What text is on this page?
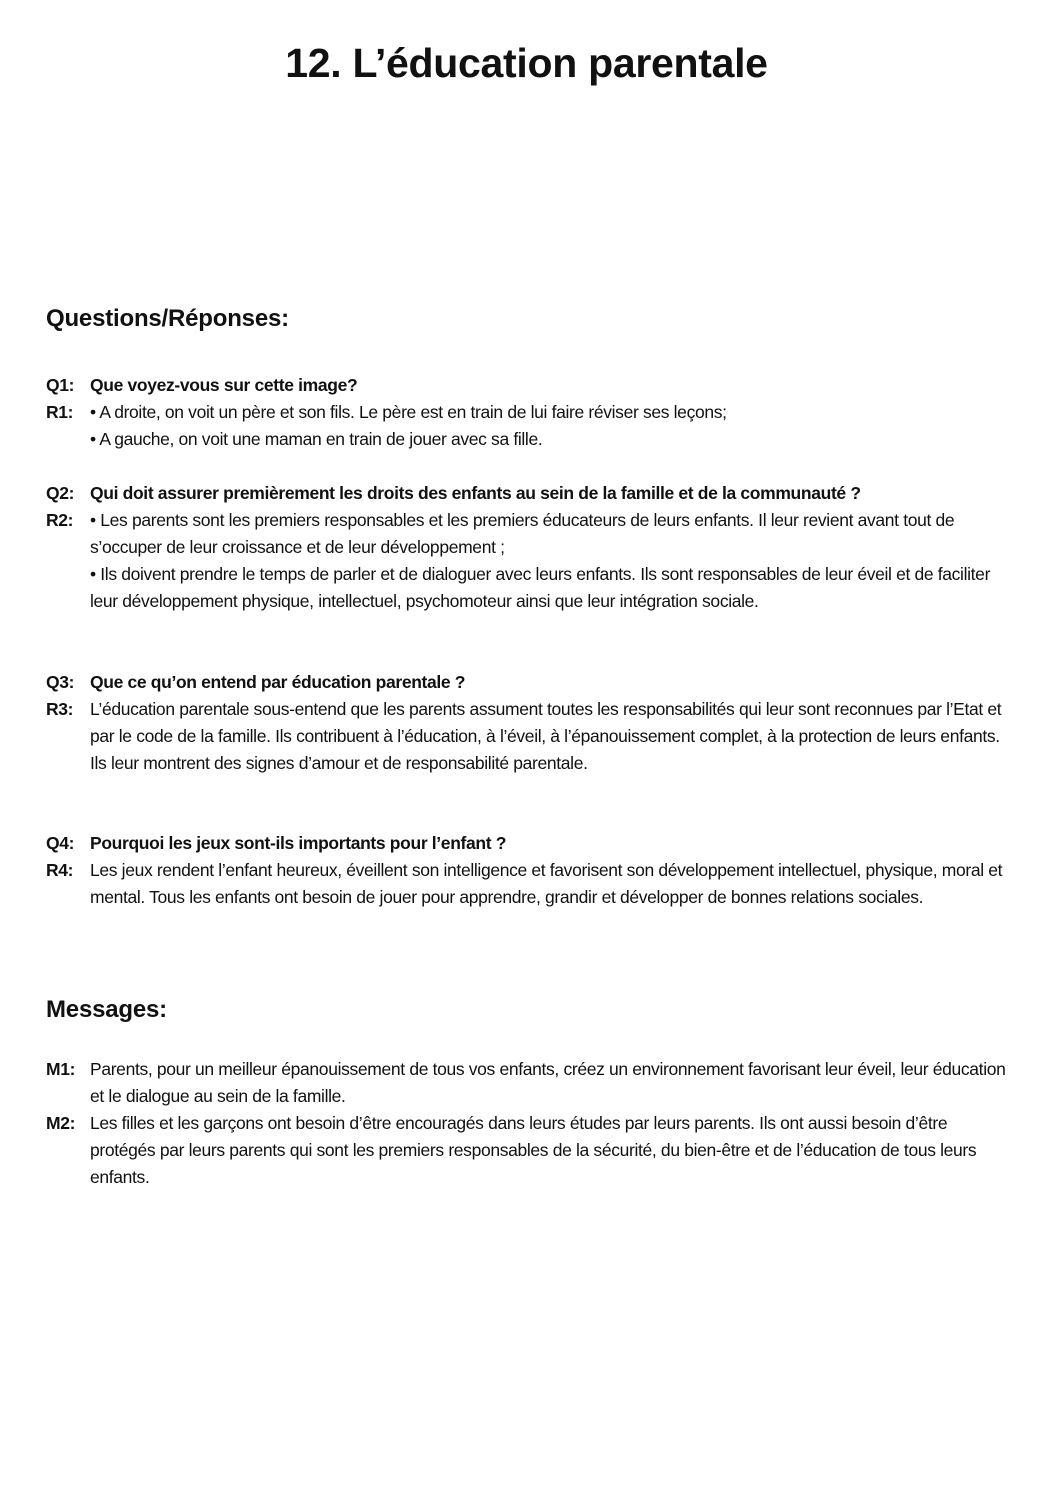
12. L’éducation parentale
Questions/Réponses:
Q1: Que voyez-vous sur cette image?
R1: • A droite, on voit un père et son fils. Le père est en train de lui faire réviser ses leçons;
• A gauche, on voit une maman en train de jouer avec sa fille.
Q2: Qui doit assurer premièrement les droits des enfants au sein de la famille et de la communauté ?
R2: • Les parents sont les premiers responsables et les premiers éducateurs de leurs enfants. Il leur revient avant tout de s’occuper de leur croissance et de leur développement ;
• Ils doivent prendre le temps de parler et de dialoguer avec leurs enfants. Ils sont responsables de leur éveil et de faciliter leur développement physique, intellectuel, psychomoteur ainsi que leur intégration sociale.
Q3: Que ce qu’on entend par éducation parentale ?
R3: L’éducation parentale sous-entend que les parents assument toutes les responsabilités qui leur sont reconnues par l’Etat et par le code de la famille. Ils contribuent à l’éducation, à l’éveil, à l’épanouissement complet, à la protection de leurs enfants. Ils leur montrent des signes d’amour et de responsabilité parentale.
Q4: Pourquoi les jeux sont-ils importants pour l’enfant ?
R4: Les jeux rendent l’enfant heureux, éveillent son intelligence et favorisent son développement intellectuel, physique, moral et mental. Tous les enfants ont besoin de jouer pour apprendre, grandir et développer de bonnes relations sociales.
Messages:
M1: Parents, pour un meilleur épanouissement de tous vos enfants, créez un environnement favorisant leur éveil, leur éducation et le dialogue au sein de la famille.
M2: Les filles et les garçons ont besoin d’être encouragés dans leurs études par leurs parents. Ils ont aussi besoin d’être protégés par leurs parents qui sont les premiers responsables de la sécurité, du bien-être et de l’éducation de tous leurs enfants.
